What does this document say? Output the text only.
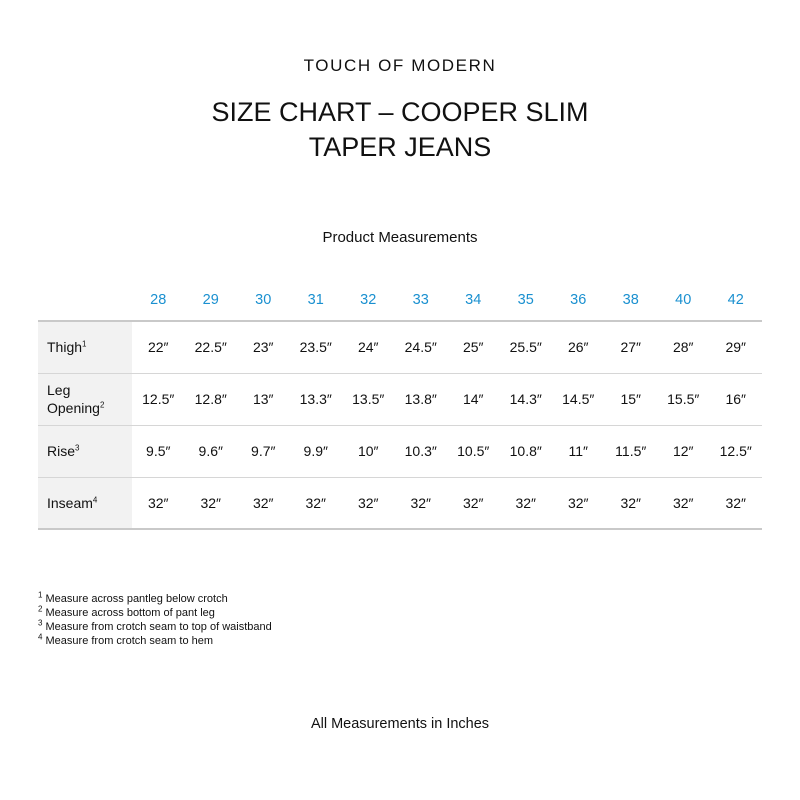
TOUCH OF MODERN
SIZE CHART – COOPER SLIM
TAPER JEANS
Product Measurements
	28	29	30	31	32	33	34	35	36	38	40	42
Thigh$^1$	22″	22.5″	23″	23.5″	24″	24.5″	25″	25.5″	26″	27″	28″	29″
Leg
Opening$^2$	12.5″	12.8″	13″	13.3″	13.5″	13.8″	14″	14.3″	14.5″	15″	15.5″	16″
Rise$^3$	9.5″	9.6″	9.7″	9.9″	10″	10.3″	10.5″	10.8″	11″	11.5″	12″	12.5″
Inseam$^4$	32″	32″	32″	32″	32″	32″	32″	32″	32″	32″	32″	32″
$^1$ Measure across pantleg below crotch
$^2$ Measure across bottom of pant leg
$^3$ Measure from crotch seam to top of waistband
$^4$ Measure from crotch seam to hem
All Measurements in Inches
